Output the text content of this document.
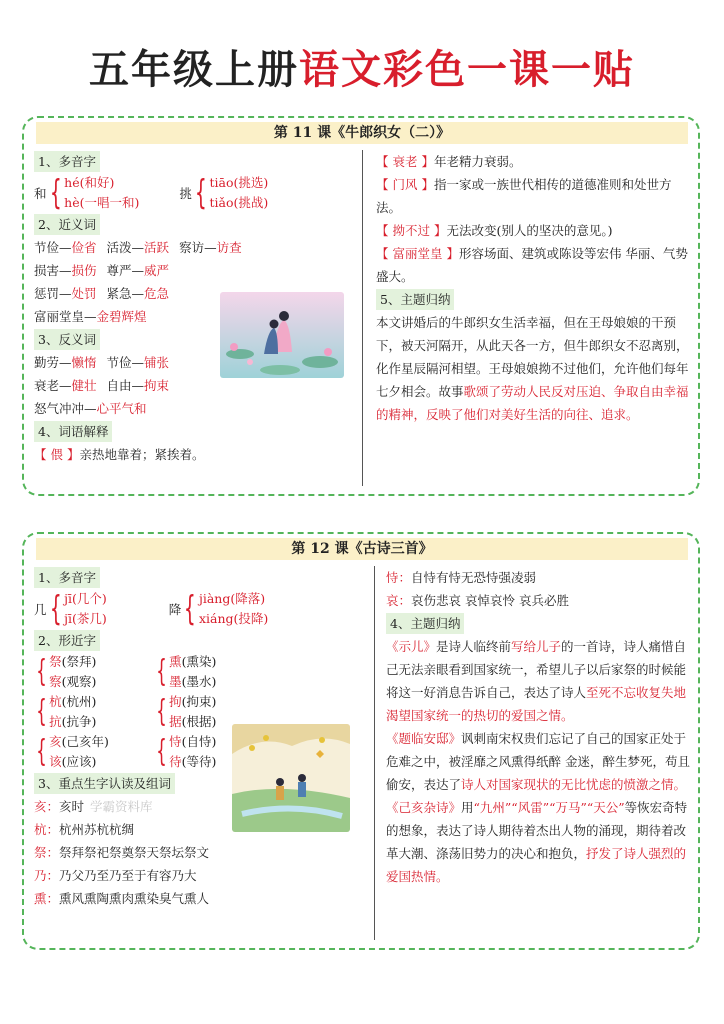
五年级上册语文彩色一课一贴
第 11 课《牛郎织女（二）》
1、多音字
和 { hé(和好)
hè(一唱一和)
挑 { tiāo(挑选)
tiǎo(挑战)
2、近义词
节俭—俭省 活泼—活跃 察访—访查
损害—损伤 尊严—威严
惩罚—处罚 紧急—危急
富丽堂皇—金碧辉煌
3、反义词
勤劳—懒惰 节俭—铺张
衰老—健壮 自由—拘束
怒气冲冲—心平气和
4、词语解释
【 偎 】亲热地靠着；紧挨着。
【 衰老 】年老精力衰弱。
【 门风 】指一家或一族世代相传的道德准则和处世方法。
【 拗不过 】无法改变(别人的坚决的意见。)
【 富丽堂皇 】形容场面、建筑或陈设等宏伟 华丽、气势盛大。
5、主题归纳
本文讲婚后的牛郎织女生活幸福，但在王母娘娘的干预下，被天河隔开，从此天各一方，但牛郎织女不忍离别，化作星辰隔河相望。王母娘娘拗不过他们，允许他们每年七夕相会。故事歌颂了劳动人民反对压迫、争取自由幸福的精神，反映了他们对美好生活的向往、追求。
第 12 课《古诗三首》
1、多音字
几 { jī(几个)
jī(茶几)
降 { jiàng(降落)
xiáng(投降)
2、形近字
{ 祭(祭拜)
察(观察) { 熏(熏染)
墨(墨水)
{ 杭(杭州)
抗(抗争) { 拘(拘束)
据(根据)
{ 亥(己亥年)
该(应该)	{ 恃(自恃)
待(等待)
3、重点生字认读及组词
亥：亥时 学霸资料库
杭：杭州苏杭杭绸
祭：祭拜祭祀祭奠祭天祭坛祭文
乃：乃父乃至乃至于有容乃大
熏：熏风熏陶熏肉熏染臭气熏人
恃：自恃有恃无恐恃强凌弱
哀：哀伤悲哀 哀悼哀怜 哀兵必胜
4、主题归纳
《示儿》是诗人临终前写给儿子的一首诗，诗人痛惜自己无法亲眼看到国家统一，希望儿子以后家祭的时候能将这一好消息告诉自己，表达了诗人至死不忘收复失地渴望国家统一的热切的爱国之情。
《题临安邸》讽刺南宋权贵们忘记了自己的国家正处于危难之中，被淫靡之风熏得纸醉 金迷，醉生梦死，苟且偷安，表达了诗人对国家现状的无比忧虑的愤激之情。
《己亥杂诗》用“九州”“风雷”“万马”“天公”等恢宏奇特的想象，表达了诗人期待着杰出人物的涌现，期待着改革大潮、涤荡旧势力的决心和抱负，抒发了诗人强烈的爱国热情。
